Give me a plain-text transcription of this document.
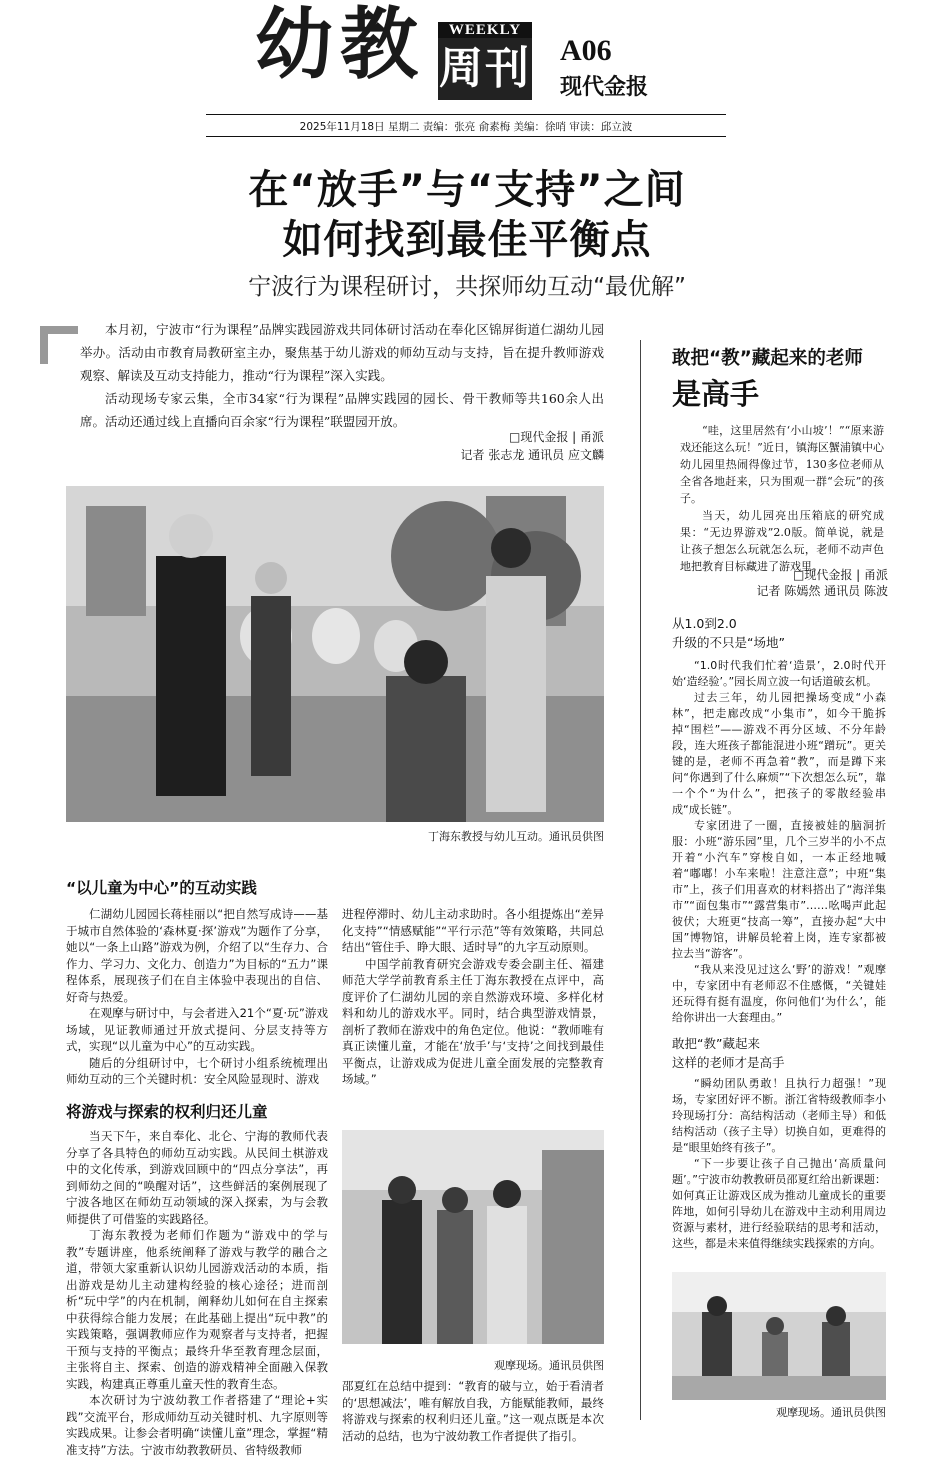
幼 教	WEEKLY
周刊 A06
现代金报
2025年11月18日 星期二 责编：张亮 俞素梅 美编：徐哨 审读：邱立波
在“放手”与“支持”之间
如何找到最佳平衡点
宁波行为课程研讨，共探师幼互动“最优解”

本月初，宁波市“行为课程”品牌实践园游戏共同体研讨活动在奉化区锦屏街道仁湖幼儿园举办。活动由市教育局教研室主办，聚焦基于幼儿游戏的师幼互动与支持，旨在提升教师游戏观察、解读及互动支持能力，推动“行为课程”深入实践。

活动现场专家云集，全市34家“行为课程”品牌实践园的园长、骨干教师等共160余人出席。活动还通过线上直播向百余家“行为课程”联盟园开放。

□现代金报 | 甬派
记者 张志龙 通讯员 应文麟
丁海东教授与幼儿互动。通讯员供图
“以儿童为中心”的互动实践

仁湖幼儿园园长蒋桂丽以“把自然写成诗——基于城市自然体验的‘森林夏·探’游戏”为题作了分享，她以“一条上山路”游戏为例，介绍了以“生存力、合作力、学习力、文化力、创造力”为目标的“五力”课程体系，展现孩子们在自主体验中表现出的自信、好奇与热爱。

在观摩与研讨中，与会者进入21个“夏·玩”游戏场域，见证教师通过开放式提问、分层支持等方式，实现“以儿童为中心”的互动实践。

随后的分组研讨中，七个研讨小组系统梳理出师幼互动的三个关键时机：安全风险显现时、游戏

进程停滞时、幼儿主动求助时。各小组提炼出“差异化支持”“情感赋能”“平行示范”等有效策略，共同总结出“管住手、睁大眼、适时导”的九字互动原则。

中国学前教育研究会游戏专委会副主任、福建师范大学学前教育系主任丁海东教授在点评中，高度评价了仁湖幼儿园的亲自然游戏环境、多样化材料和幼儿的游戏水平。同时，结合典型游戏情景，剖析了教师在游戏中的角色定位。他说：“教师唯有真正读懂儿童，才能在‘放手’与‘支持’之间找到最佳平衡点，让游戏成为促进儿童全面发展的完整教育场域。”

将游戏与探索的权利归还儿童

当天下午，来自奉化、北仑、宁海的教师代表分享了各具特色的师幼互动实践。从民间土棋游戏中的文化传承，到游戏回顾中的“四点分享法”，再到师幼之间的“唤醒对话”，这些鲜活的案例展现了宁波各地区在师幼互动领域的深入探索，为与会教师提供了可借鉴的实践路径。

丁海东教授为老师们作题为“游戏中的学与教”专题讲座，他系统阐释了游戏与教学的融合之道，带领大家重新认识幼儿园游戏活动的本质，指出游戏是幼儿主动建构经验的核心途径；进而剖析“玩中学”的内在机制，阐释幼儿如何在自主探索中获得综合能力发展；在此基础上提出“玩中教”的实践策略，强调教师应作为观察者与支持者，把握干预与支持的平衡点；最终升华至教育理念层面，主张将自主、探索、创造的游戏精神全面融入保教实践，构建真正尊重儿童天性的教育生态。

本次研讨为宁波幼教工作者搭建了“理论+实践”交流平台，形成师幼互动关键时机、九字原则等实践成果。让参会者明确“读懂儿童”理念，掌握“精准支持”方法。宁波市幼教教研员、省特级教师

观摩现场。通讯员供图

邵夏红在总结中提到：“教育的破与立，始于看清者的‘思想减法’，唯有解放自我，方能赋能教师，最终将游戏与探索的权利归还儿童。”这一观点既是本次活动的总结，也为宁波幼教工作者提供了指引。

敢把“教”藏起来的老师
是高手

“哇，这里居然有‘小山坡’！”“原来游戏还能这么玩！”近日，镇海区蟹浦镇中心幼儿园里热闹得像过节，130多位老师从全省各地赶来，只为围观一群“会玩”的孩子。

当天，幼儿园亮出压箱底的研究成果：“无边界游戏”2.0版。简单说，就是让孩子想怎么玩就怎么玩，老师不动声色地把教育目标藏进了游戏里。

□现代金报 | 甬派
记者 陈嫣然 通讯员 陈波
从1.0到2.0
升级的不只是“场地”

“1.0时代我们忙着‘造景’，2.0时代开始‘造经验’。”园长周立波一句话道破玄机。

过去三年，幼儿园把操场变成“小森林”，把走廊改成“小集市”，如今干脆拆掉“围栏”——游戏不再分区域、不分年龄段，连大班孩子都能混进小班“蹭玩”。更关键的是，老师不再急着“教”，而是蹲下来问“你遇到了什么麻烦”“下次想怎么玩”，靠一个个“为什么”，把孩子的零散经验串成“成长链”。

专家团进了一圈，直接被娃的脑洞折服：小班“游乐园”里，几个三岁半的小不点开着“小汽车”穿梭自如，一本正经地喊着“嘟嘟！小车来啦！注意注意”；中班“集市”上，孩子们用喜欢的材料搭出了“海洋集市”“面包集市”“露营集市”……吆喝声此起彼伏；大班更“技高一筹”，直接办起“大中国”博物馆，讲解员轮着上岗，连专家都被拉去当“游客”。

“我从来没见过这么‘野’的游戏！”观摩中，专家团中有老师忍不住感慨，“关键娃还玩得有挺有温度，你问他们‘为什么’，能给你讲出一大套理由。”

敢把“教”藏起来
这样的老师才是高手

“瞬幼团队勇敢！且执行力超强！”现场，专家团好评不断。浙江省特级教师李小玲现场打分：高结构活动（老师主导）和低结构活动（孩子主导）切换自如，更难得的是“眼里始终有孩子”。

“下一步要让孩子自己抛出‘高质量问题’。”宁波市幼教教研员邵夏红给出新课题：如何真正让游戏区成为推动儿童成长的重要阵地，如何引导幼儿在游戏中主动利用周边资源与素材，进行经验联结的思考和活动，这些，都是未来值得继续实践探索的方向。

观摩现场。通讯员供图
